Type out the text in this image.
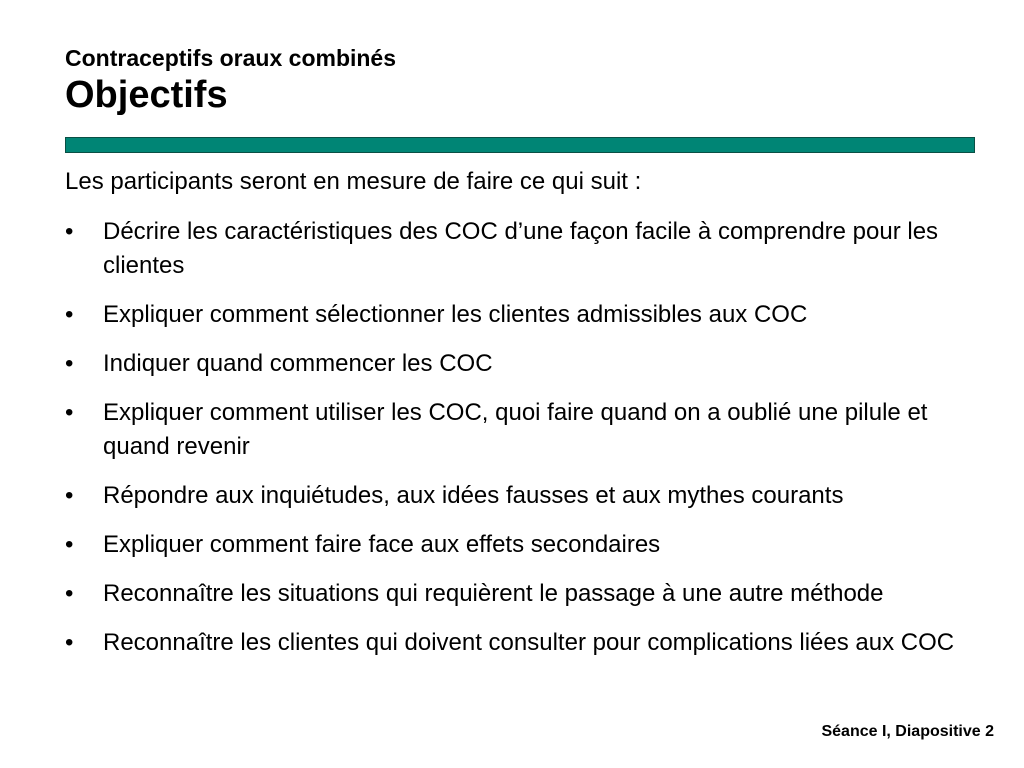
Contraceptifs oraux combinés
Objectifs

Les participants seront en mesure de faire ce qui suit :

•	Décrire les caractéristiques des COC d’une façon facile à comprendre pour les clientes
•	Expliquer comment sélectionner les clientes admissibles aux COC
•	Indiquer quand commencer les COC
•	Expliquer comment utiliser les COC, quoi faire quand on a oublié une pilule et quand revenir
•	Répondre aux inquiétudes, aux idées fausses et aux mythes courants
•	Expliquer comment faire face aux effets secondaires
•	Reconnaître les situations qui requièrent le passage à une autre méthode
•	Reconnaître les clientes qui doivent consulter pour complications liées aux COC
Séance I, Diapositive 2
